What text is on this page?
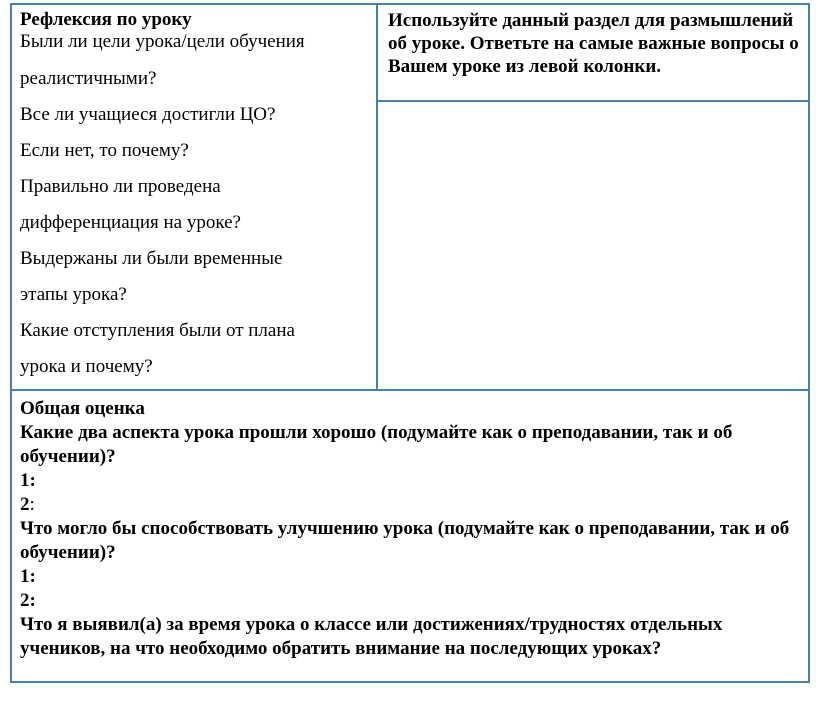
Рефлексия по уроку

Были ли цели урока/цели обучения

реалистичными?

Все ли учащиеся достигли ЦО?

Если нет, то почему?

Правильно ли проведена

дифференциация на уроке?

Выдержаны ли были временные

этапы урока?

Какие отступления были от плана

урока и почему?

Используйте данный раздел для размышлений об уроке. Ответьте на самые важные вопросы о Вашем уроке из левой колонки.

Общая оценка

Какие два аспекта урока прошли хорошо (подумайте как о преподавании, так и об обучении)?

1:

2:

Что могло бы способствовать улучшению урока (подумайте как о преподавании, так и об обучении)?

1:

2:

Что я выявил(а) за время урока о классе или достижениях/трудностях отдельных учеников, на что необходимо обратить внимание на последующих уроках?
